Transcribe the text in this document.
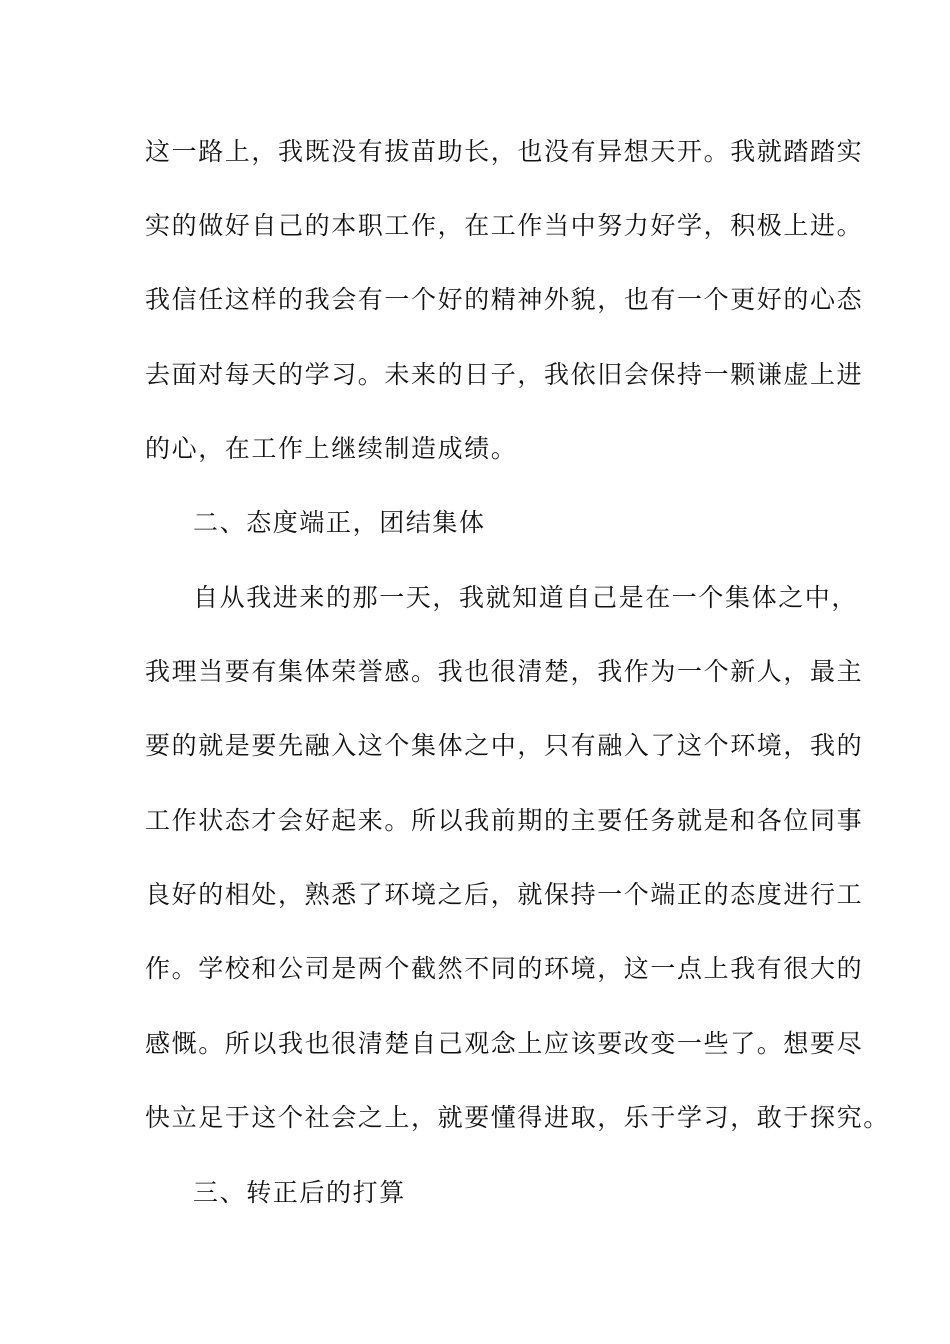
这一路上，我既没有拔苗助长，也没有异想天开。我就踏踏实
实的做好自己的本职工作，在工作当中努力好学，积极上进。
我信任这样的我会有一个好的精神外貌，也有一个更好的心态
去面对每天的学习。未来的日子，我依旧会保持一颗谦虚上进
的心，在工作上继续制造成绩。
二、态度端正，团结集体
自从我进来的那一天，我就知道自己是在一个集体之中，
我理当要有集体荣誉感。我也很清楚，我作为一个新人，最主
要的就是要先融入这个集体之中，只有融入了这个环境，我的
工作状态才会好起来。所以我前期的主要任务就是和各位同事
良好的相处，熟悉了环境之后，就保持一个端正的态度进行工
作。学校和公司是两个截然不同的环境，这一点上我有很大的
感慨。所以我也很清楚自己观念上应该要改变一些了。想要尽
快立足于这个社会之上，就要懂得进取，乐于学习，敢于探究。
三、转正后的打算
